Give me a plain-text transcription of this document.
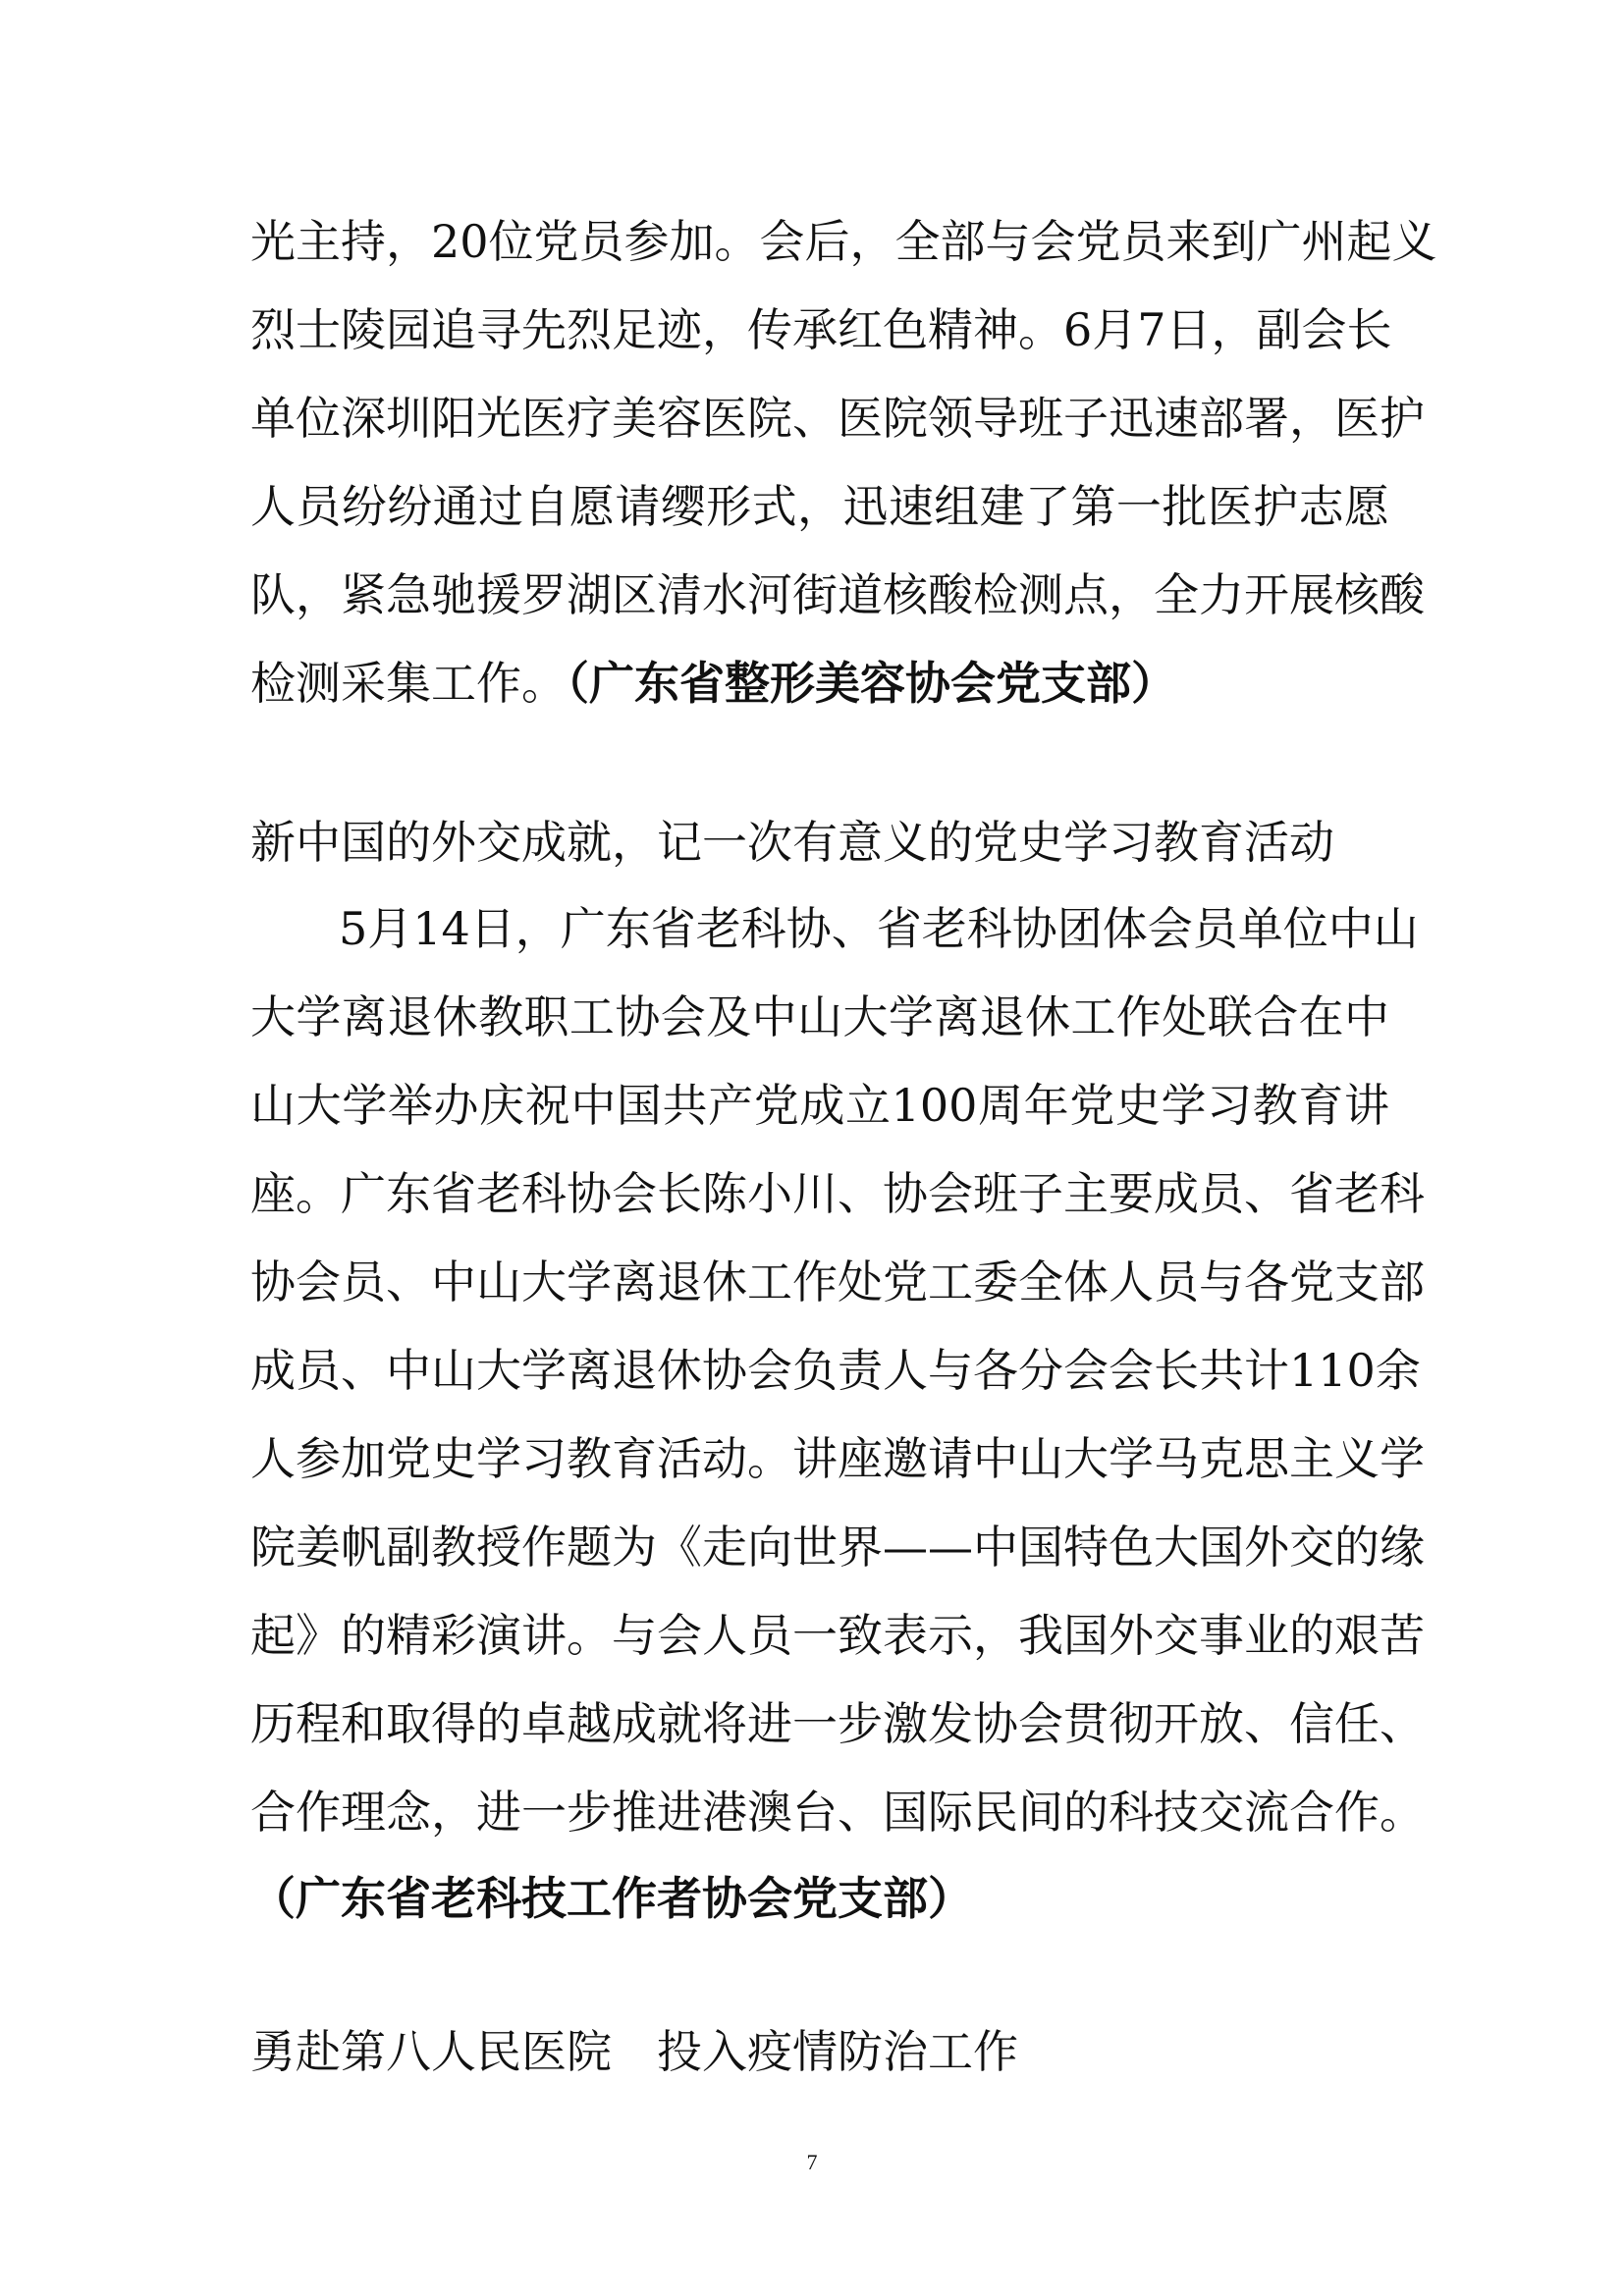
光主持，20位党员参加。会后，全部与会党员来到广州起义
烈士陵园追寻先烈足迹，传承红色精神。6月7日，副会长
单位深圳阳光医疗美容医院、医院领导班子迅速部署，医护
人员纷纷通过自愿请缨形式，迅速组建了第一批医护志愿
队，紧急驰援罗湖区清水河街道核酸检测点，全力开展核酸
检测采集工作。（广东省整形美容协会党支部）
新中国的外交成就，记一次有意义的党史学习教育活动
5月14日，广东省老科协、省老科协团体会员单位中山
大学离退休教职工协会及中山大学离退休工作处联合在中
山大学举办庆祝中国共产党成立100周年党史学习教育讲
座。广东省老科协会长陈小川、协会班子主要成员、省老科
协会员、中山大学离退休工作处党工委全体人员与各党支部
成员、中山大学离退休协会负责人与各分会会长共计110余
人参加党史学习教育活动。讲座邀请中山大学马克思主义学
院姜帆副教授作题为《走向世界——中国特色大国外交的缘
起》的精彩演讲。与会人员一致表示，我国外交事业的艰苦
历程和取得的卓越成就将进一步激发协会贯彻开放、信任、
合作理念，进一步推进港澳台、国际民间的科技交流合作。
（广东省老科技工作者协会党支部）
勇赴第八人民医院　投入疫情防治工作
7
